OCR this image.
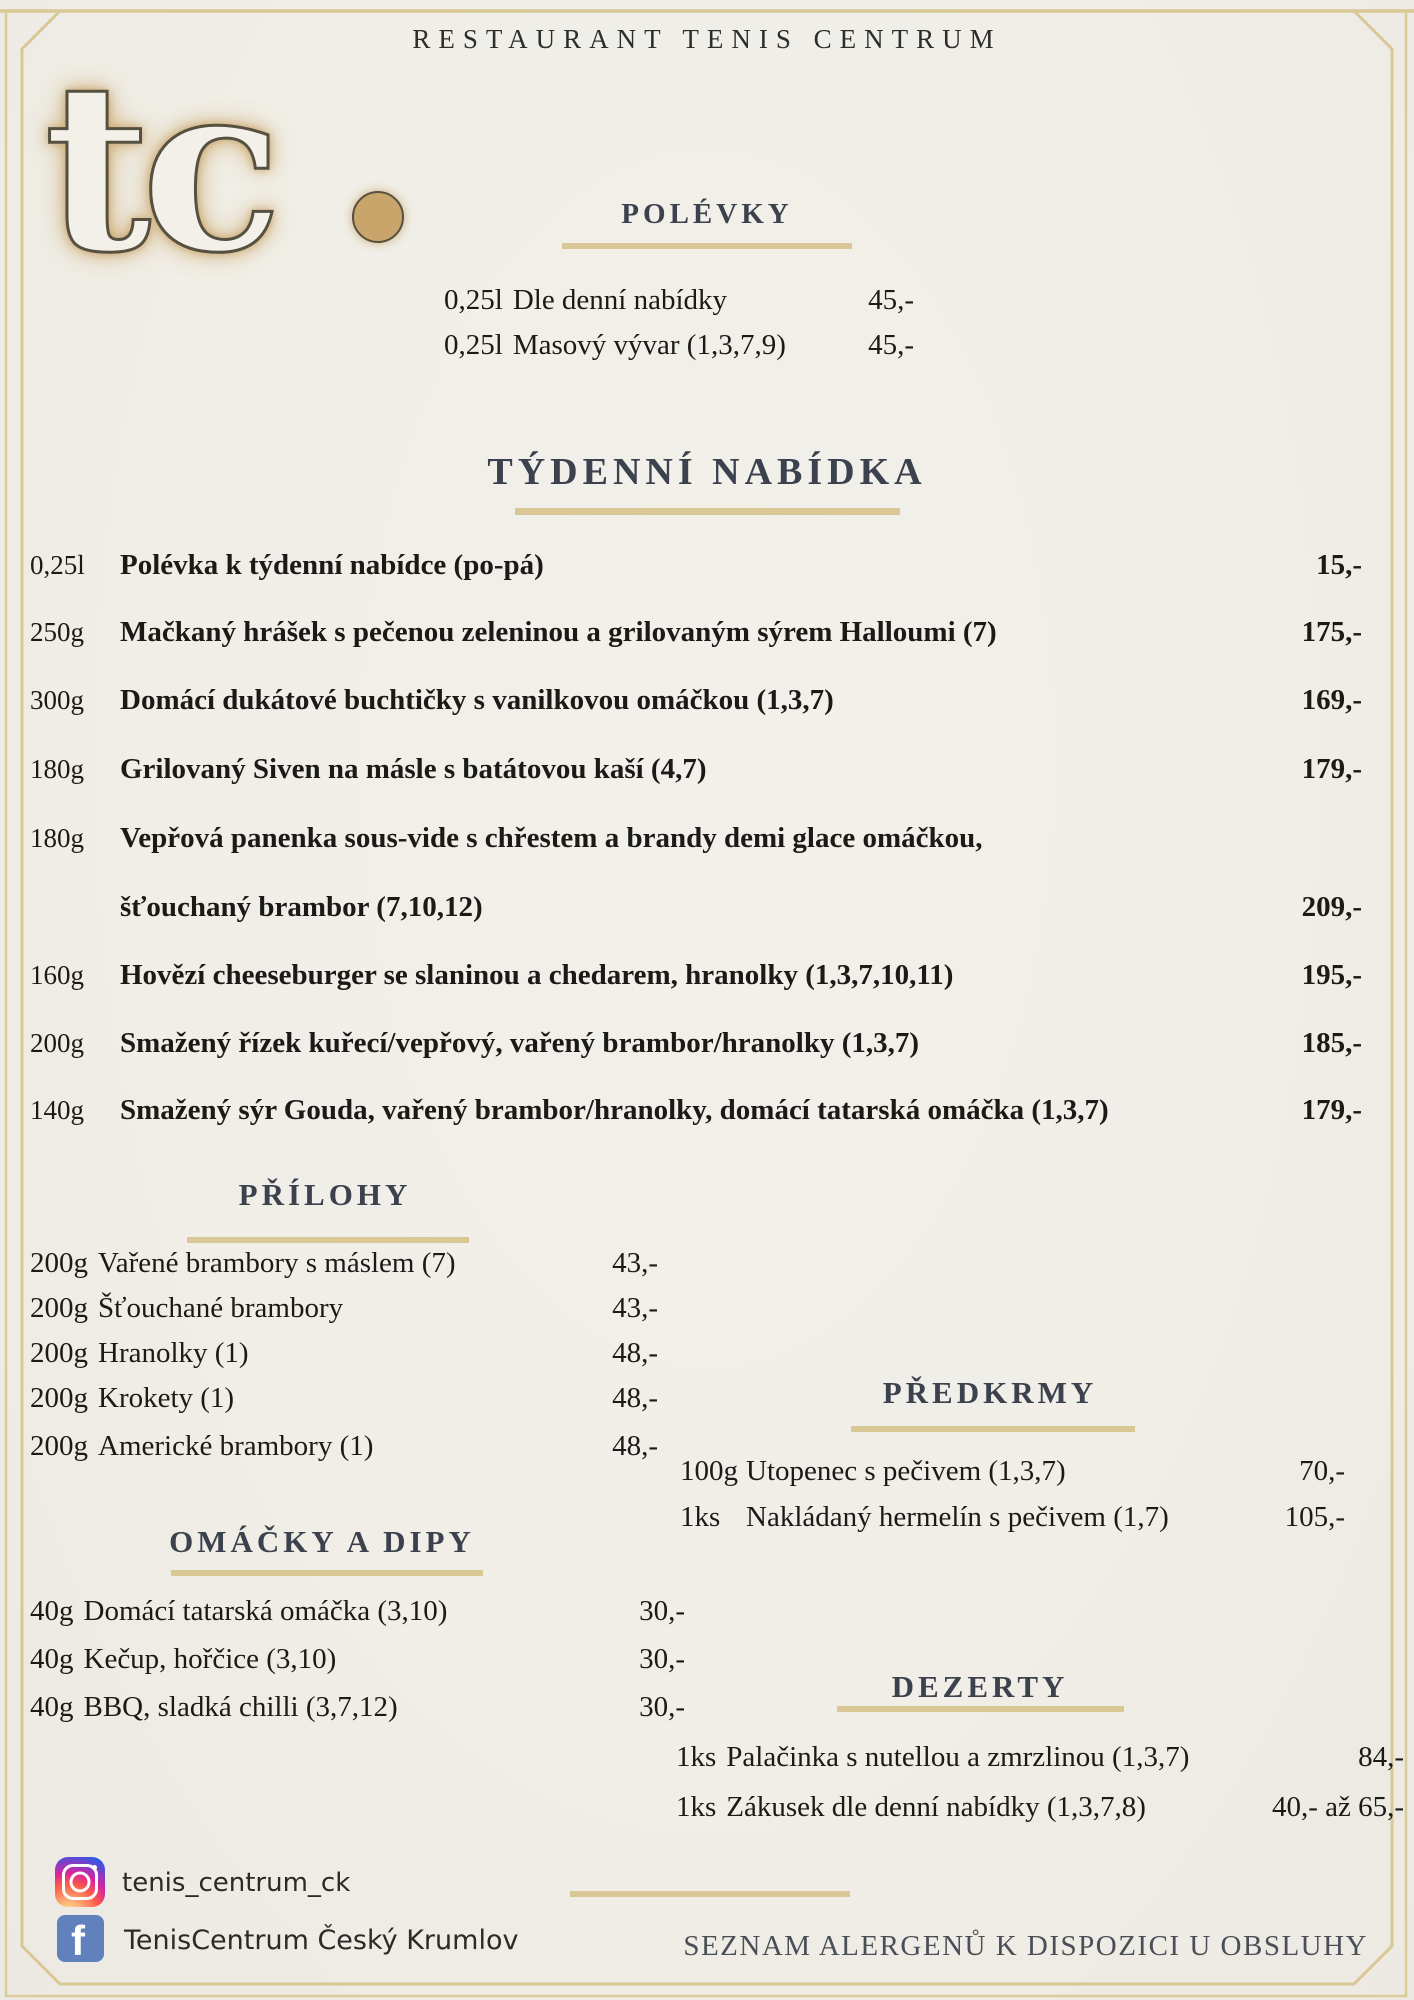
RESTAURANT TENIS CENTRUM
tc	POLÉVKY
0,25l Dle denní nabídky	45,-
0,25l Masový vývar (1,3,7,9)	45,-
TÝDENNÍ NABÍDKA
0,25l	Polévka k týdenní nabídce (po-pá)	15,-
250g	Mačkaný hrášek s pečenou zeleninou a grilovaným sýrem Halloumi (7)	175,-
300g	Domácí dukátové buchtičky s vanilkovou omáčkou (1,3,7)	169,-
180g	Grilovaný Siven na másle s batátovou kaší (4,7)	179,-
180g	Vepřová panenka sous-vide s chřestem a brandy demi glace omáčkou,
šťouchaný brambor (7,10,12)	209,-
160g	Hovězí cheeseburger se slaninou a chedarem, hranolky (1,3,7,10,11)	195,-
200g	Smažený řízek kuřecí/vepřový, vařený brambor/hranolky (1,3,7)	185,-
140g	Smažený sýr Gouda, vařený brambor/hranolky, domácí tatarská omáčka (1,3,7)	179,-
PŘÍLOHY
200g Vařené brambory s máslem (7)	43,-
200g Šťouchané brambory	43,-
200g Hranolky (1)	48,-
200g Krokety (1)	48,-
200g Americké brambory (1)	48,-
PŘEDKRMY
100g Utopenec s pečivem (1,3,7)	70,-
1ks Nakládaný hermelín s pečivem (1,7)	105,-
OMÁČKY A DIPY
40g Domácí tatarská omáčka (3,10)	30,-
40g Kečup, hořčice (3,10)	30,-
40g BBQ, sladká chilli (3,7,12)	30,-
DEZERTY
1ks Palačinka s nutellou a zmrzlinou (1,3,7)	84,-
1ks Zákusek dle denní nabídky (1,3,7,8)	40,- až 65,-
tenis_centrum_ck
f TenisCentrum Český Krumlov	SEZNAM ALERGENŮ K DISPOZICI U OBSLUHY
